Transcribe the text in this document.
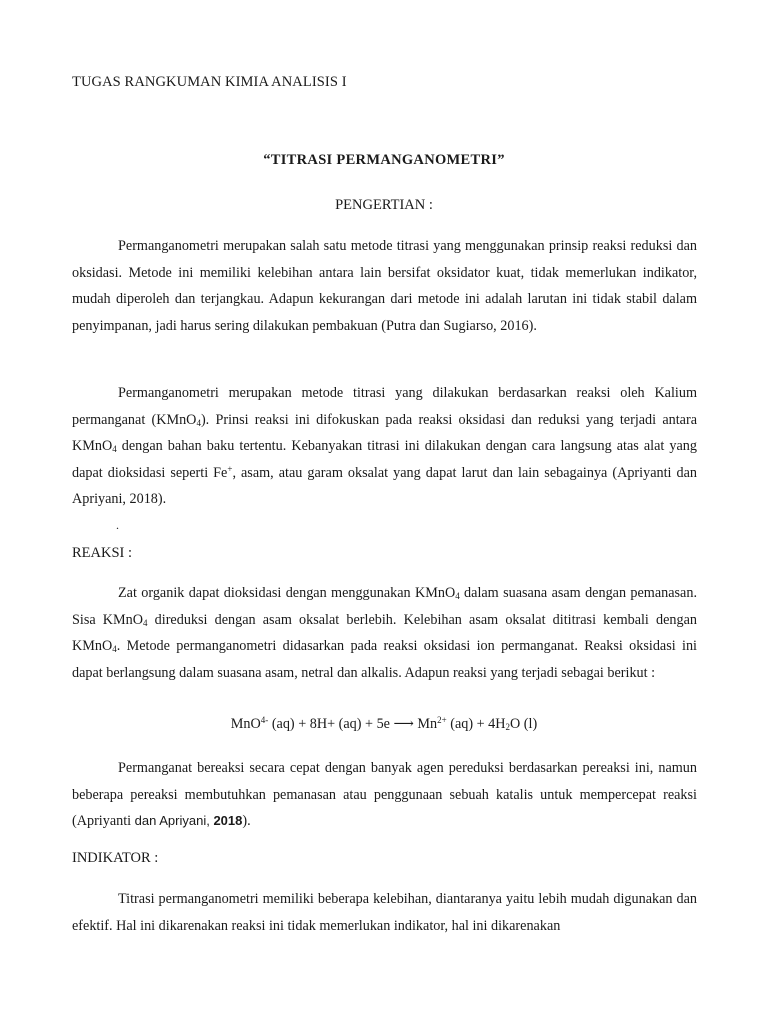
TUGAS RANGKUMAN KIMIA ANALISIS I
“TITRASI PERMANGANOMETRI”
PENGERTIAN :

Permanganometri merupakan salah satu metode titrasi yang menggunakan prinsip reaksi reduksi dan oksidasi. Metode ini memiliki kelebihan antara lain bersifat oksidator kuat, tidak memerlukan indikator, mudah diperoleh dan terjangkau. Adapun kekurangan dari metode ini adalah larutan ini tidak stabil dalam penyimpanan, jadi harus sering dilakukan pembakuan (Putra dan Sugiarso, 2016).

Permanganometri merupakan metode titrasi yang dilakukan berdasarkan reaksi oleh Kalium permanganat (KMnO$_4$). Prinsi reaksi ini difokuskan pada reaksi oksidasi dan reduksi yang terjadi antara KMnO$_4$ dengan bahan baku tertentu. Kebanyakan titrasi ini dilakukan dengan cara langsung atas alat yang dapat dioksidasi seperti Fe+, asam, atau garam oksalat yang dapat larut dan lain sebagainya (Apriyanti dan Apriyani, 2018).

.
REAKSI :

Zat organik dapat dioksidasi dengan menggunakan KMnO$_4$ dalam suasana asam dengan pemanasan. Sisa KMnO$_4$ direduksi dengan asam oksalat berlebih. Kelebihan asam oksalat dititrasi kembali dengan KMnO$_4$. Metode permanganometri didasarkan pada reaksi oksidasi ion permanganat. Reaksi oksidasi ini dapat berlangsung dalam suasana asam, netral dan alkalis. Adapun reaksi yang terjadi sebagai berikut :

MnO$^{4-}$ (aq) + 8H+ (aq) + 5e ⟶ $Mn^{2+}$ $(aq) + 4H_2O$ (l)

Permanganat bereaksi secara cepat dengan banyak agen pereduksi berdasarkan pereaksi ini, namun beberapa pereaksi membutuhkan pemanasan atau penggunaan sebuah katalis untuk mempercepat reaksi (Apriyanti dan Apriyani, 2018).

INDIKATOR :

Titrasi permanganometri memiliki beberapa kelebihan, diantaranya yaitu lebih mudah digunakan dan efektif. Hal ini dikarenakan reaksi ini tidak memerlukan indikator, hal ini dikarenakan
